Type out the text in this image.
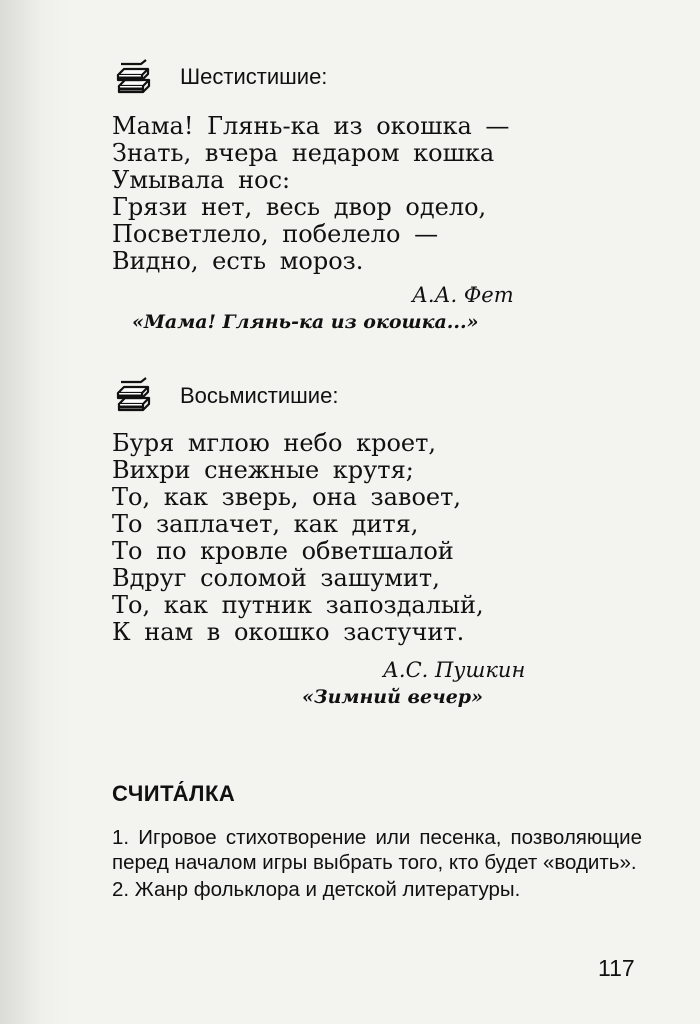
Шестистишие:
Мама! Глянь-ка из окошка —
Знать, вчера недаром кошка
Умывала нос:
Грязи нет, весь двор одело,
Посветлело, побелело —
Видно, есть мороз.
А.А. Фет
«Мама! Глянь-ка из окошка...»
Восьмистишие:
Буря мглою небо кроет,
Вихри снежные крутя;
То, как зверь, она завоет,
То заплачет, как дитя,
То по кровле обветшалой
Вдруг соломой зашумит,
То, как путник запоздалый,
К нам в окошко застучит.
А.С. Пушкин
«Зимний вечер»
СЧИТА́ЛКА

1. Игровое стихотворение или песенка, позволяющие перед началом игры выбрать того, кто будет «водить».

2. Жанр фольклора и детской литературы.

117
